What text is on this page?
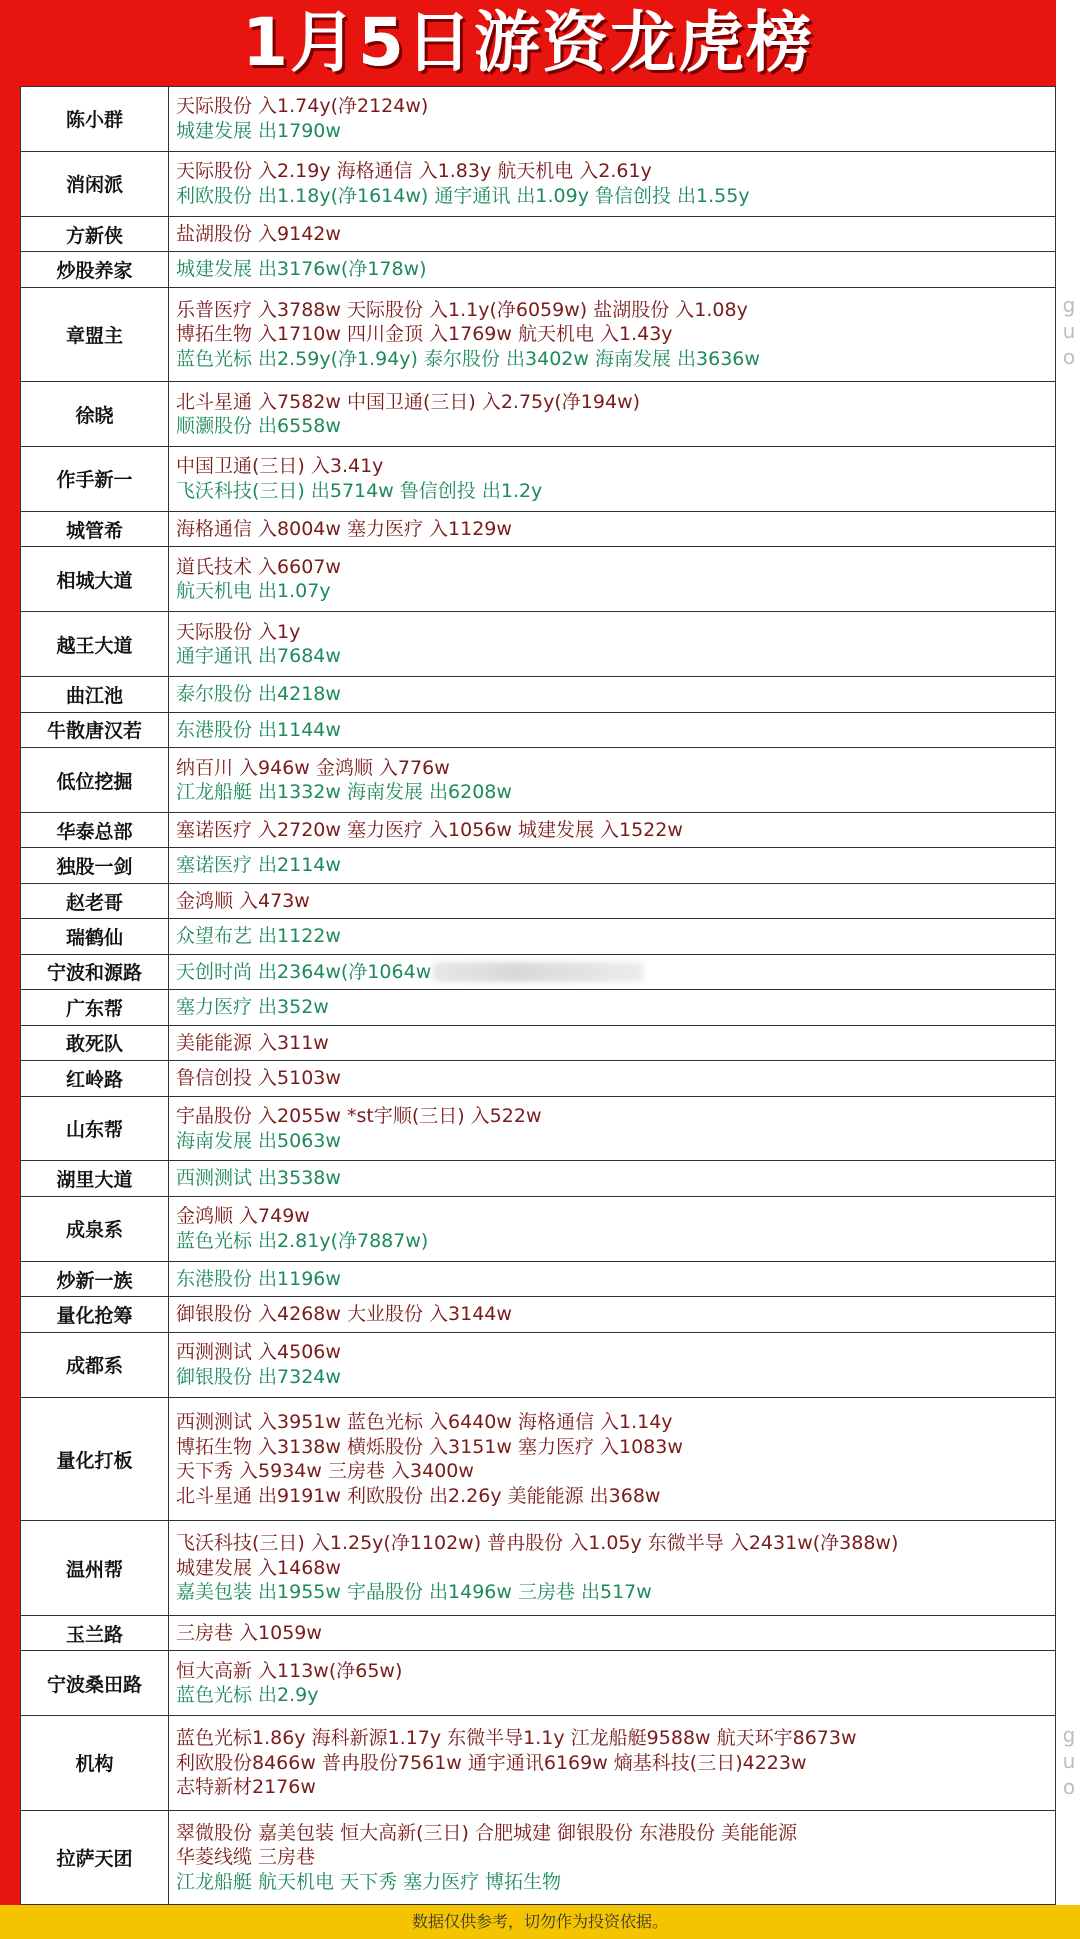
g
u
o
g
u
o
1月5日游资龙虎榜
陈小群	天际股份 入1.74y(净2124w)
城建发展 出1790w

消闲派	天际股份 入2.19y 海格通信 入1.83y 航天机电 入2.61y
利欧股份 出1.18y(净1614w) 通宇通讯 出1.09y 鲁信创投 出1.55y

方新侠	盐湖股份 入9142w

炒股养家	城建发展 出3176w(净178w)

章盟主	乐普医疗 入3788w 天际股份 入1.1y(净6059w) 盐湖股份 入1.08y
博拓生物 入1710w 四川金顶 入1769w 航天机电 入1.43y
蓝色光标 出2.59y(净1.94y) 泰尔股份 出3402w 海南发展 出3636w

徐晓	北斗星通 入7582w 中国卫通(三日) 入2.75y(净194w)
顺灏股份 出6558w

作手新一	中国卫通(三日) 入3.41y
飞沃科技(三日) 出5714w 鲁信创投 出1.2y

城管希	海格通信 入8004w 塞力医疗 入1129w

相城大道	道氏技术 入6607w
航天机电 出1.07y

越王大道	天际股份 入1y
通宇通讯 出7684w

曲江池	泰尔股份 出4218w

牛散唐汉若	东港股份 出1144w

低位挖掘	纳百川 入946w 金鸿顺 入776w
江龙船艇 出1332w 海南发展 出6208w

华泰总部	塞诺医疗 入2720w 塞力医疗 入1056w 城建发展 入1522w

独股一剑	塞诺医疗 出2114w

赵老哥	金鸿顺 入473w

瑞鹤仙	众望布艺 出1122w

宁波和源路	天创时尚 出2364w(净1064w

广东帮	塞力医疗 出352w

敢死队	美能能源 入311w

红岭路	鲁信创投 入5103w

山东帮	宇晶股份 入2055w *st宇顺(三日) 入522w
海南发展 出5063w

湖里大道	西测测试 出3538w

成泉系	金鸿顺 入749w
蓝色光标 出2.81y(净7887w)

炒新一族	东港股份 出1196w

量化抢筹	御银股份 入4268w 大业股份 入3144w

成都系	西测测试 入4506w
御银股份 出7324w

量化打板	西测测试 入3951w 蓝色光标 入6440w 海格通信 入1.14y
博拓生物 入3138w 横烁股份 入3151w 塞力医疗 入1083w
天下秀 入5934w 三房巷 入3400w
北斗星通 出9191w 利欧股份 出2.26y 美能能源 出368w

温州帮	飞沃科技(三日) 入1.25y(净1102w) 普冉股份 入1.05y 东微半导 入2431w(净388w)
城建发展 入1468w
嘉美包装 出1955w 宇晶股份 出1496w 三房巷 出517w

玉兰路	三房巷 入1059w

宁波桑田路	恒大高新 入113w(净65w)
蓝色光标 出2.9y

机构	蓝色光标1.86y 海科新源1.17y 东微半导1.1y 江龙船艇9588w 航天环宇8673w
利欧股份8466w 普冉股份7561w 通宇通讯6169w 熵基科技(三日)4223w
志特新材2176w

拉萨天团	翠微股份 嘉美包装 恒大高新(三日) 合肥城建 御银股份 东港股份 美能能源
华菱线缆 三房巷
江龙船艇 航天机电 天下秀 塞力医疗 博拓生物
数据仅供参考，切勿作为投资依据。
